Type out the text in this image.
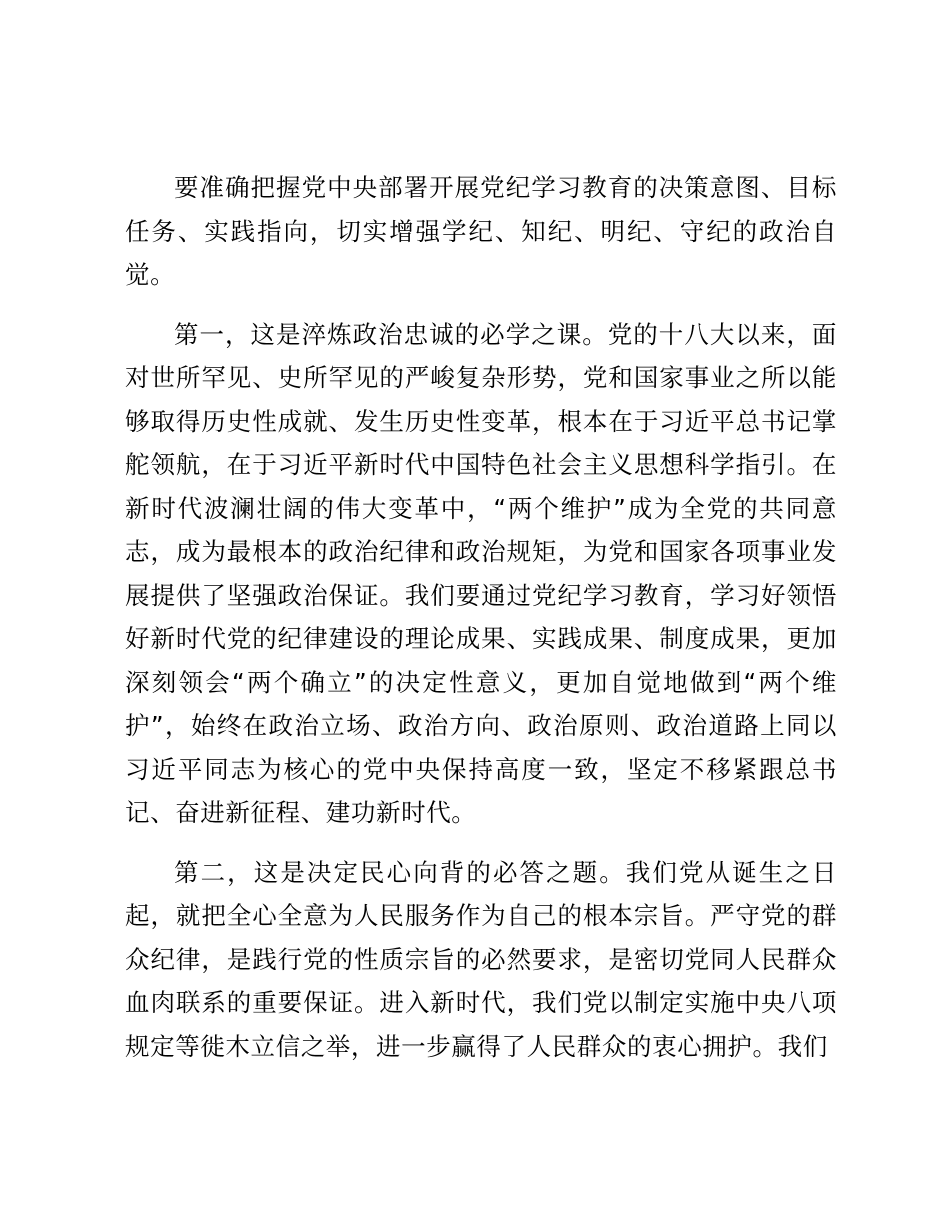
要准确把握党中央部署开展党纪学习教育的决策意图、目标任务、实践指向，切实增强学纪、知纪、明纪、守纪的政治自觉。

第一，这是淬炼政治忠诚的必学之课。党的十八大以来，面对世所罕见、史所罕见的严峻复杂形势，党和国家事业之所以能够取得历史性成就、发生历史性变革，根本在于习近平总书记掌舵领航，在于习近平新时代中国特色社会主义思想科学指引。在新时代波澜壮阔的伟大变革中，“两个维护”成为全党的共同意志，成为最根本的政治纪律和政治规矩，为党和国家各项事业发展提供了坚强政治保证。我们要通过党纪学习教育，学习好领悟好新时代党的纪律建设的理论成果、实践成果、制度成果，更加深刻领会“两个确立”的决定性意义，更加自觉地做到“两个维护”，始终在政治立场、政治方向、政治原则、政治道路上同以习近平同志为核心的党中央保持高度一致，坚定不移紧跟总书记、奋进新征程、建功新时代。

第二，这是决定民心向背的必答之题。我们党从诞生之日起，就把全心全意为人民服务作为自己的根本宗旨。严守党的群众纪律，是践行党的性质宗旨的必然要求，是密切党同人民群众血肉联系的重要保证。进入新时代，我们党以制定实施中央八项规定等徙木立信之举，进一步赢得了人民群众的衷心拥护。我们
